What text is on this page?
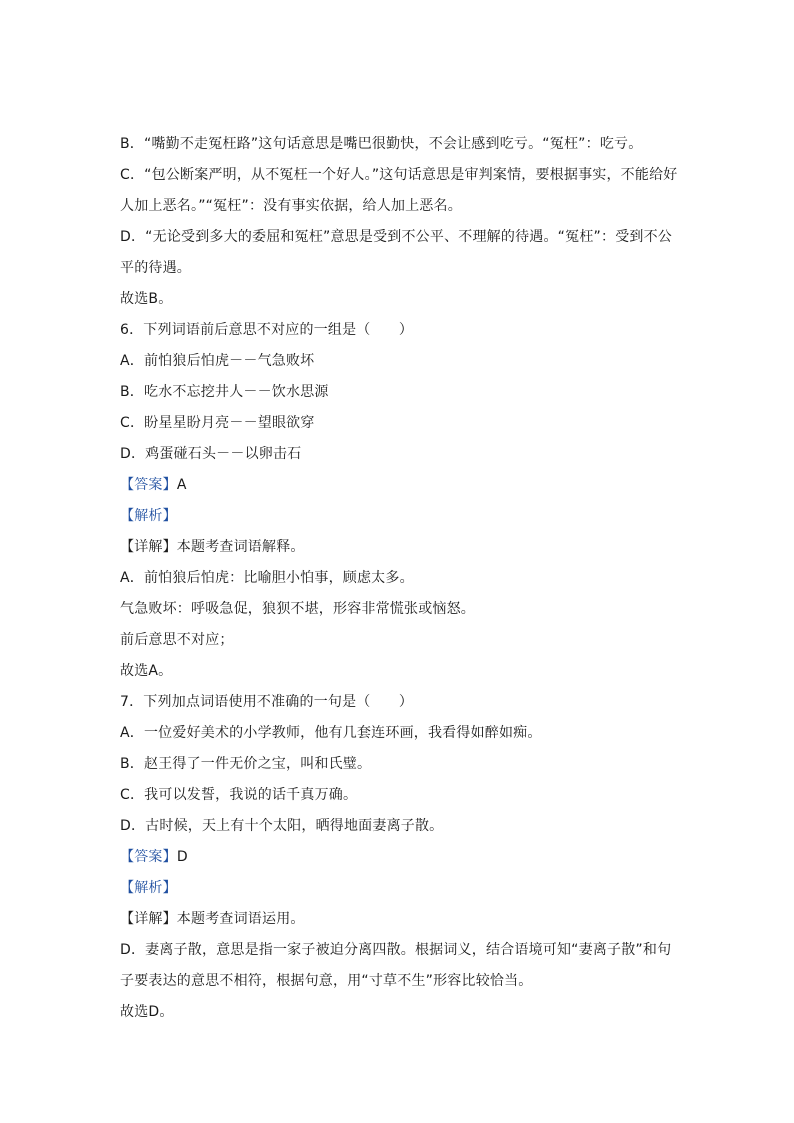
B．“嘴勤不走冤枉路”这句话意思是嘴巴很勤快，不会让感到吃亏。“冤枉”：吃亏。
C．“包公断案严明，从不冤枉一个好人。”这句话意思是审判案情，要根据事实，不能给好
人加上恶名。”“冤枉”：没有事实依据，给人加上恶名。
D．“无论受到多大的委屈和冤枉”意思是受到不公平、不理解的待遇。“冤枉”：受到不公
平的待遇。
故选B。
6．下列词语前后意思不对应的一组是（　　）
A．前怕狼后怕虎－－气急败坏
B．吃水不忘挖井人－－饮水思源
C．盼星星盼月亮－－望眼欲穿
D．鸡蛋碰石头－－以卵击石
【答案】A
【解析】
【详解】本题考查词语解释。
A．前怕狼后怕虎：比喻胆小怕事，顾虑太多。
气急败坏：呼吸急促，狼狈不堪，形容非常慌张或恼怒。
前后意思不对应；
故选A。
7．下列加点词语使用不准确的一句是（　　）
A．一位爱好美术的小学教师，他有几套连环画，我看得如醉如痴。
B．赵王得了一件无价之宝，叫和氏璧。
C．我可以发誓，我说的话千真万确。
D．古时候，天上有十个太阳，晒得地面妻离子散。
【答案】D
【解析】
【详解】本题考查词语运用。
D．妻离子散，意思是指一家子被迫分离四散。根据词义，结合语境可知“妻离子散”和句
子要表达的意思不相符，根据句意，用“寸草不生”形容比较恰当。
故选D。
